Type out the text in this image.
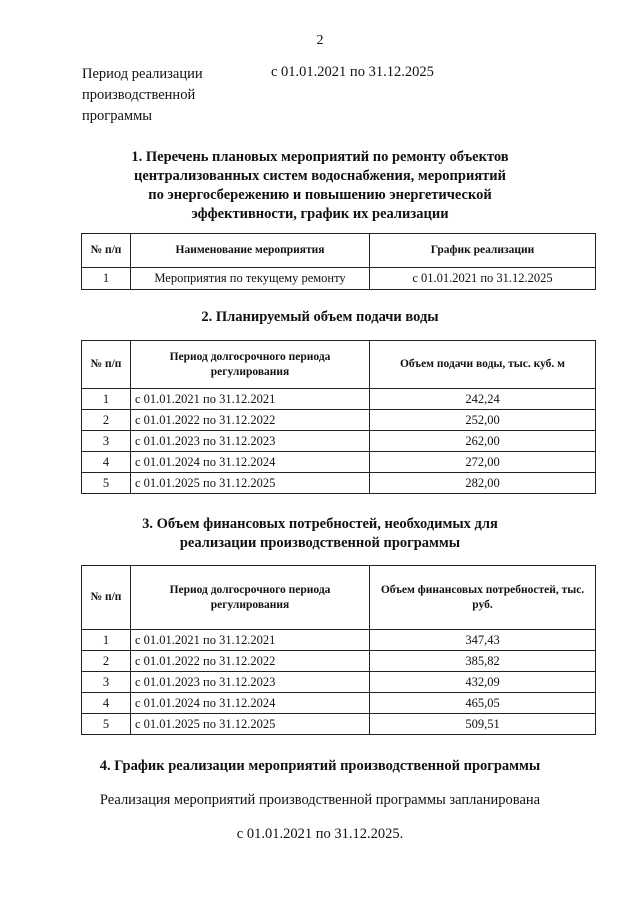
2
Период реализации
производственной
программы
с 01.01.2021 по 31.12.2025
1. Перечень плановых мероприятий по ремонту объектов
централизованных систем водоснабжения, мероприятий
по энергосбережению и повышению энергетической
эффективности, график их реализации
№ п/п	Наименование мероприятия	График реализации
1	Мероприятия по текущему ремонту	с 01.01.2021 по 31.12.2025
2. Планируемый объем подачи воды
№ п/п	Период долгосрочного периода регулирования	Объем подачи воды, тыс. куб. м
1	с 01.01.2021 по 31.12.2021	242,24
2	с 01.01.2022 по 31.12.2022	252,00
3	с 01.01.2023 по 31.12.2023	262,00
4	с 01.01.2024 по 31.12.2024	272,00
5	с 01.01.2025 по 31.12.2025	282,00
3. Объем финансовых потребностей, необходимых для
реализации производственной программы
№ п/п	Период долгосрочного периода регулирования	Объем финансовых потребностей, тыс. руб.
1	с 01.01.2021 по 31.12.2021	347,43
2	с 01.01.2022 по 31.12.2022	385,82
3	с 01.01.2023 по 31.12.2023	432,09
4	с 01.01.2024 по 31.12.2024	465,05
5	с 01.01.2025 по 31.12.2025	509,51
4. График реализации мероприятий производственной программы
Реализация мероприятий производственной программы запланирована
с 01.01.2021 по 31.12.2025.
